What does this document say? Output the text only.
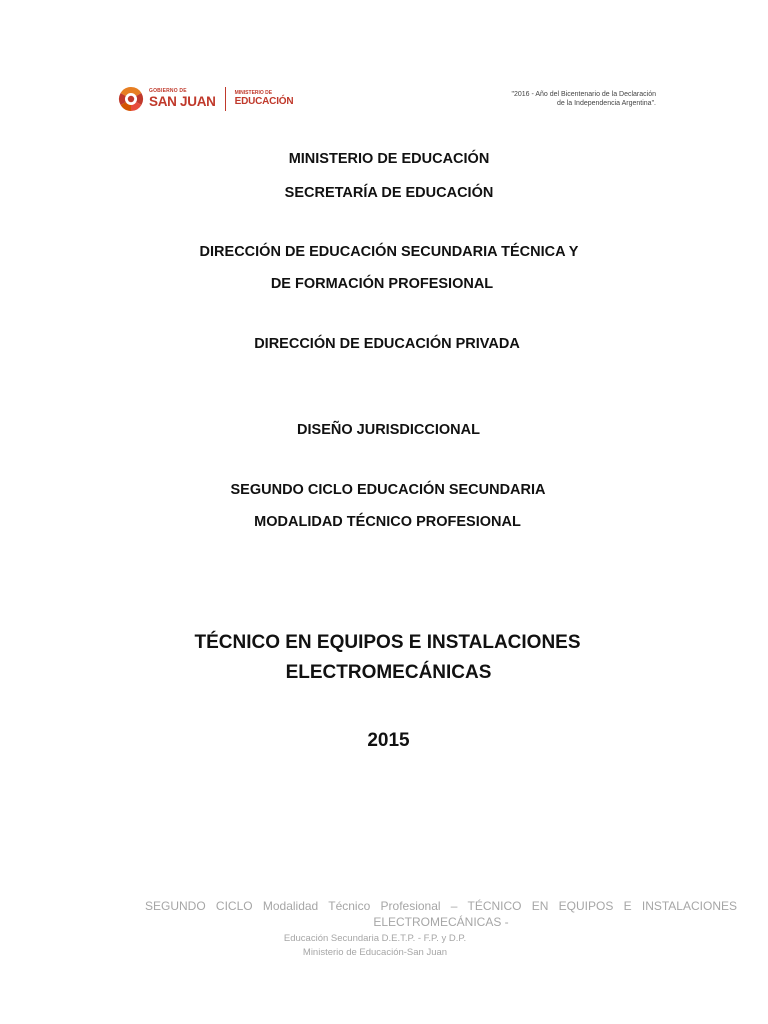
GOBIERNO DE
SAN JUAN
MINISTERIO DE
EDUCACIÓN
"2016 - Año del Bicentenario de la Declaración
de la Independencia Argentina".
MINISTERIO DE EDUCACIÓN
SECRETARÍA DE EDUCACIÓN
DIRECCIÓN DE EDUCACIÓN SECUNDARIA TÉCNICA Y
DE FORMACIÓN PROFESIONAL
DIRECCIÓN DE EDUCACIÓN PRIVADA
DISEÑO JURISDICCIONAL
SEGUNDO CICLO EDUCACIÓN SECUNDARIA
MODALIDAD TÉCNICO PROFESIONAL
TÉCNICO EN EQUIPOS E INSTALACIONES
ELECTROMECÁNICAS
2015
SEGUNDO CICLO Modalidad Técnico Profesional – TÉCNICO EN EQUIPOS E INSTALACIONES
ELECTROMECÁNICAS -
Educación Secundaria D.E.T.P. - F.P. y D.P.
Ministerio de Educación-San Juan
